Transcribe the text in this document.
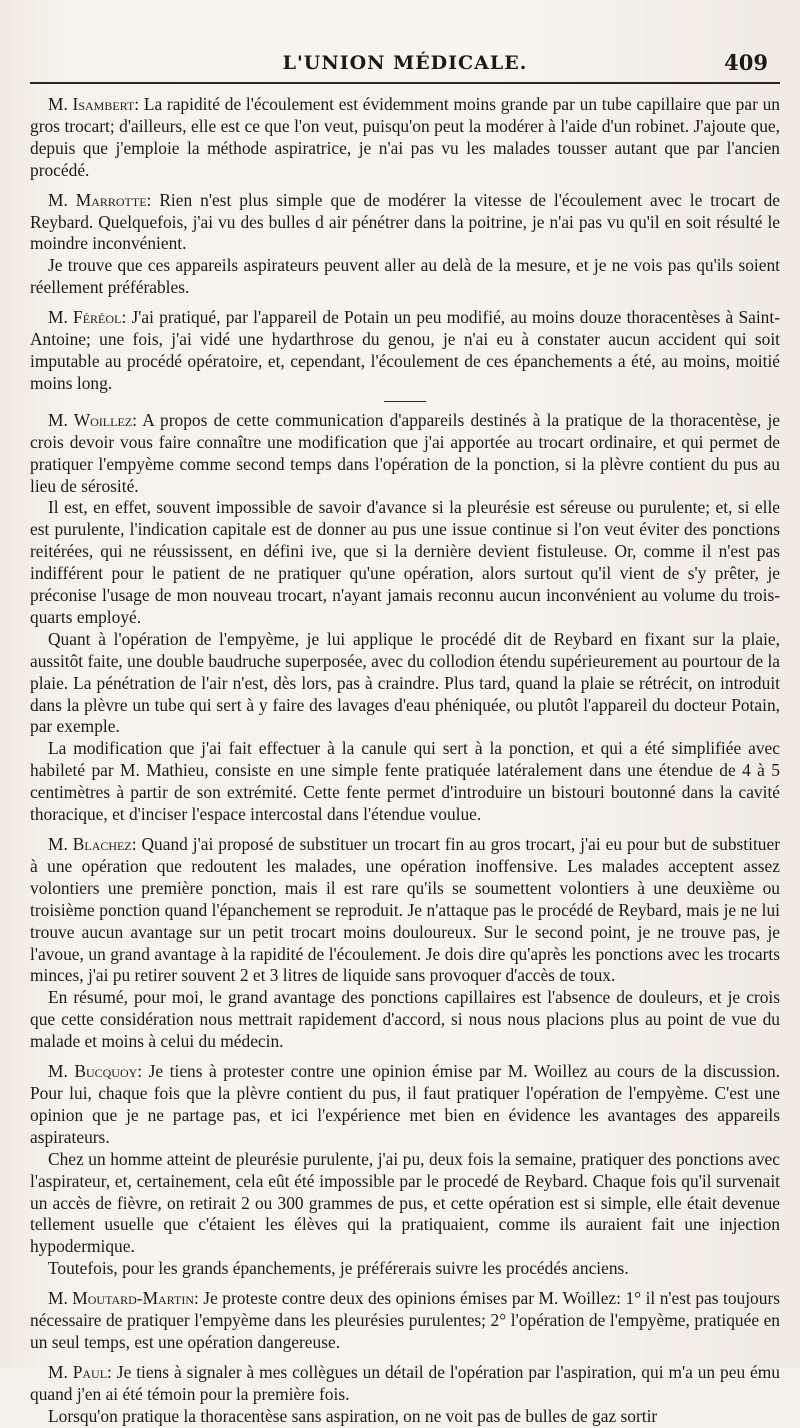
L'UNION MÉDICALE.	409

M. Isambert: La rapidité de l'écoulement est évidemment moins grande par un tube capillaire que par un gros trocart; d'ailleurs, elle est ce que l'on veut, puisqu'on peut la modérer à l'aide d'un robinet. J'ajoute que, depuis que j'emploie la méthode aspiratrice, je n'ai pas vu les malades tousser autant que par l'ancien procédé.

M. Marrotte: Rien n'est plus simple que de modérer la vitesse de l'écoulement avec le trocart de Reybard. Quelquefois, j'ai vu des bulles d air pénétrer dans la poitrine, je n'ai pas vu qu'il en soit résulté le moindre inconvénient.

Je trouve que ces appareils aspirateurs peuvent aller au delà de la mesure, et je ne vois pas qu'ils soient réellement préférables.

M. Féréol: J'ai pratiqué, par l'appareil de Potain un peu modifié, au moins douze thoracentèses à Saint-Antoine; une fois, j'ai vidé une hydarthrose du genou, je n'ai eu à constater aucun accident qui soit imputable au procédé opératoire, et, cependant, l'écoulement de ces épanchements a été, au moins, moitié moins long.

M. Woillez: A propos de cette communication d'appareils destinés à la pratique de la thoracentèse, je crois devoir vous faire connaître une modification que j'ai apportée au trocart ordinaire, et qui permet de pratiquer l'empyème comme second temps dans l'opération de la ponction, si la plèvre contient du pus au lieu de sérosité.

Il est, en effet, souvent impossible de savoir d'avance si la pleurésie est séreuse ou purulente; et, si elle est purulente, l'indication capitale est de donner au pus une issue continue si l'on veut éviter des ponctions reitérées, qui ne réussissent, en défini ive, que si la dernière devient fistuleuse. Or, comme il n'est pas indifférent pour le patient de ne pratiquer qu'une opération, alors surtout qu'il vient de s'y prêter, je préconise l'usage de mon nouveau trocart, n'ayant jamais reconnu aucun inconvénient au volume du trois-quarts employé.

Quant à l'opération de l'empyème, je lui applique le procédé dit de Reybard en fixant sur la plaie, aussitôt faite, une double baudruche superposée, avec du collodion étendu supérieurement au pourtour de la plaie. La pénétration de l'air n'est, dès lors, pas à craindre. Plus tard, quand la plaie se rétrécit, on introduit dans la plèvre un tube qui sert à y faire des lavages d'eau phéniquée, ou plutôt l'appareil du docteur Potain, par exemple.

La modification que j'ai fait effectuer à la canule qui sert à la ponction, et qui a été simplifiée avec habileté par M. Mathieu, consiste en une simple fente pratiquée latéralement dans une étendue de 4 à 5 centimètres à partir de son extrémité. Cette fente permet d'introduire un bistouri boutonné dans la cavité thoracique, et d'inciser l'espace intercostal dans l'étendue voulue.

M. Blachez: Quand j'ai proposé de substituer un trocart fin au gros trocart, j'ai eu pour but de substituer à une opération que redoutent les malades, une opération inoffensive. Les malades acceptent assez volontiers une première ponction, mais il est rare qu'ils se soumettent volontiers à une deuxième ou troisième ponction quand l'épanchement se reproduit. Je n'attaque pas le procédé de Reybard, mais je ne lui trouve aucun avantage sur un petit trocart moins douloureux. Sur le second point, je ne trouve pas, je l'avoue, un grand avantage à la rapidité de l'écoulement. Je dois dire qu'après les ponctions avec les trocarts minces, j'ai pu retirer souvent 2 et 3 litres de liquide sans provoquer d'accès de toux.

En résumé, pour moi, le grand avantage des ponctions capillaires est l'absence de douleurs, et je crois que cette considération nous mettrait rapidement d'accord, si nous nous placions plus au point de vue du malade et moins à celui du médecin.

M. Bucquoy: Je tiens à protester contre une opinion émise par M. Woillez au cours de la discussion. Pour lui, chaque fois que la plèvre contient du pus, il faut pratiquer l'opération de l'empyème. C'est une opinion que je ne partage pas, et ici l'expérience met bien en évidence les avantages des appareils aspirateurs.

Chez un homme atteint de pleurésie purulente, j'ai pu, deux fois la semaine, pratiquer des ponctions avec l'aspirateur, et, certainement, cela eût été impossible par le procedé de Reybard. Chaque fois qu'il survenait un accès de fièvre, on retirait 2 ou 300 grammes de pus, et cette opération est si simple, elle était devenue tellement usuelle que c'étaient les élèves qui la pratiquaient, comme ils auraient fait une injection hypodermique.

Toutefois, pour les grands épanchements, je préférerais suivre les procédés anciens.

M. Moutard-Martin: Je proteste contre deux des opinions émises par M. Woillez: 1° il n'est pas toujours nécessaire de pratiquer l'empyème dans les pleurésies purulentes; 2° l'opération de l'empyème, pratiquée en un seul temps, est une opération dangereuse.

M. Paul: Je tiens à signaler à mes collègues un détail de l'opération par l'aspiration, qui m'a un peu ému quand j'en ai été témoin pour la première fois.

Lorsqu'on pratique la thoracentèse sans aspiration, on ne voit pas de bulles de gaz sortir
